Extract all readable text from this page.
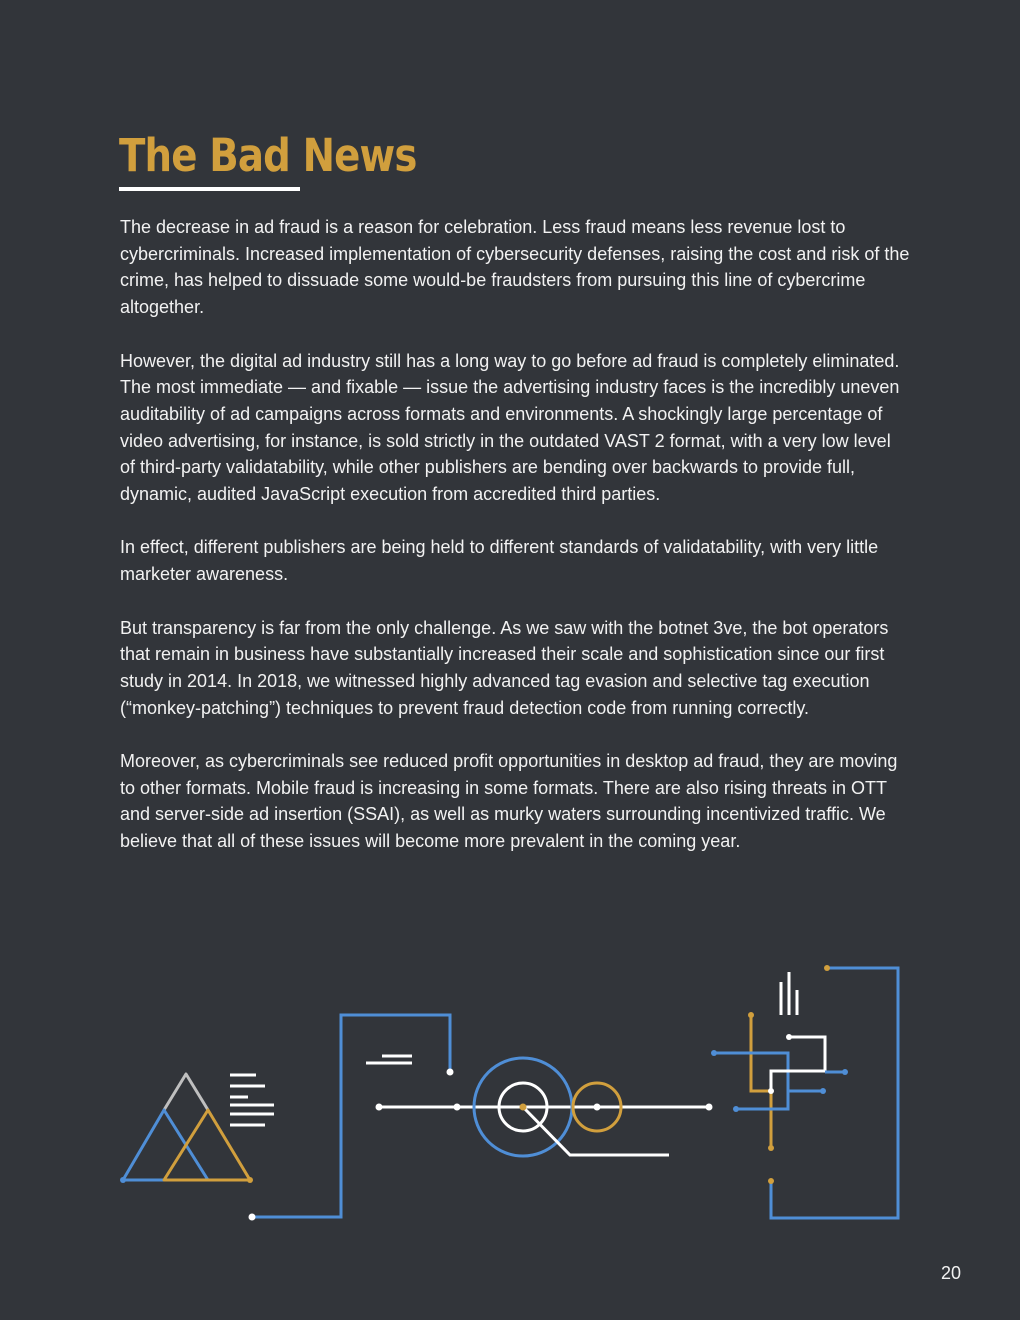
The Bad News

The decrease in ad fraud is a reason for celebration. Less fraud means less revenue lost to cybercriminals. Increased implementation of cybersecurity defenses, raising the cost and risk of the crime, has helped to dissuade some would-be fraudsters from pursuing this line of cybercrime altogether.

However, the digital ad industry still has a long way to go before ad fraud is completely eliminated. The most immediate — and fixable — issue the advertising industry faces is the incredibly uneven auditability of ad campaigns across formats and environments. A shockingly large percentage of video advertising, for instance, is sold strictly in the outdated VAST 2 format, with a very low level of third-party validatability, while other publishers are bending over backwards to provide full, dynamic, audited JavaScript execution from accredited third parties.

In effect, different publishers are being held to different standards of validatability, with very little marketer awareness.

But transparency is far from the only challenge. As we saw with the botnet 3ve, the bot operators that remain in business have substantially increased their scale and sophistication since our first study in 2014. In 2018, we witnessed highly advanced tag evasion and selective tag execution (“monkey-patching”) techniques to prevent fraud detection code from running correctly.

Moreover, as cybercriminals see reduced profit opportunities in desktop ad fraud, they are moving to other formats. Mobile fraud is increasing in some formats. There are also rising threats in OTT and server-side ad insertion (SSAI), as well as murky waters surrounding incentivized traffic. We believe that all of these issues will become more prevalent in the coming year.

20
